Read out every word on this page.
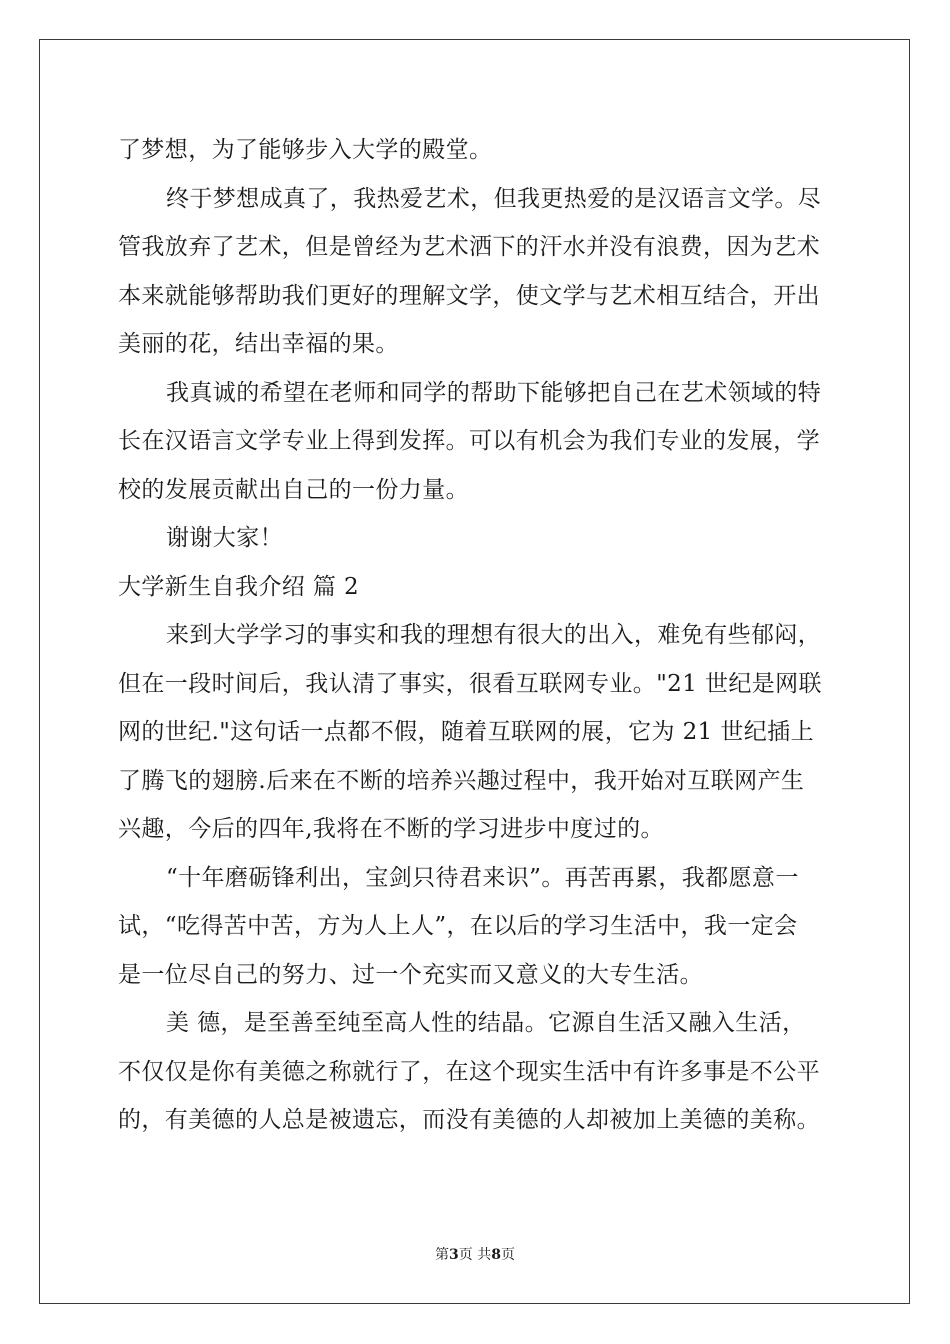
了梦想，为了能够步入大学的殿堂。
终于梦想成真了，我热爱艺术，但我更热爱的是汉语言文学。尽
管我放弃了艺术，但是曾经为艺术洒下的汗水并没有浪费，因为艺术
本来就能够帮助我们更好的理解文学，使文学与艺术相互结合，开出
美丽的花，结出幸福的果。
我真诚的希望在老师和同学的帮助下能够把自己在艺术领域的特
长在汉语言文学专业上得到发挥。可以有机会为我们专业的发展，学
校的发展贡献出自己的一份力量。
谢谢大家！
大学新生自我介绍 篇 2
来到大学学习的事实和我的理想有很大的出入，难免有些郁闷，
但在一段时间后，我认清了事实，很看互联网专业。"21 世纪是网联
网的世纪."这句话一点都不假，随着互联网的展，它为 21 世纪插上
了腾飞的翅膀.后来在不断的培养兴趣过程中，我开始对互联网产生
兴趣，今后的四年,我将在不断的学习进步中度过的。
“十年磨砺锋利出，宝剑只待君来识”。再苦再累，我都愿意一
试，“吃得苦中苦，方为人上人”，在以后的学习生活中，我一定会
是一位尽自己的努力、过一个充实而又意义的大专生活。
美 德，是至善至纯至高人性的结晶。它源自生活又融入生活，
不仅仅是你有美德之称就行了，在这个现实生活中有许多事是不公平
的，有美德的人总是被遗忘，而没有美德的人却被加上美德的美称。
第3页 共8页
